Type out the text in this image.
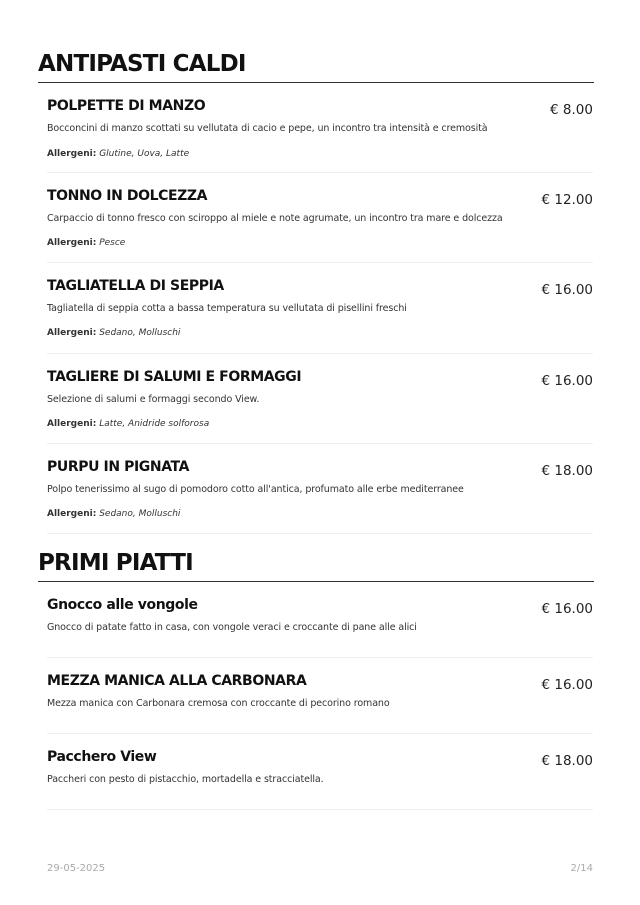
ANTIPASTI CALDI
POLPETTE DI MANZO	€ 8.00
Bocconcini di manzo scottati su vellutata di cacio e pepe, un incontro tra intensità e cremosità
Allergeni: Glutine, Uova, Latte
TONNO IN DOLCEZZA	€ 12.00
Carpaccio di tonno fresco con sciroppo al miele e note agrumate, un incontro tra mare e dolcezza
Allergeni: Pesce
TAGLIATELLA DI SEPPIA	€ 16.00
Tagliatella di seppia cotta a bassa temperatura su vellutata di pisellini freschi
Allergeni: Sedano, Molluschi
TAGLIERE DI SALUMI E FORMAGGI	€ 16.00
Selezione di salumi e formaggi secondo View.
Allergeni: Latte, Anidride solforosa
PURPU IN PIGNATA	€ 18.00
Polpo tenerissimo al sugo di pomodoro cotto all'antica, profumato alle erbe mediterranee
Allergeni: Sedano, Molluschi
PRIMI PIATTI
Gnocco alle vongole	€ 16.00
Gnocco di patate fatto in casa, con vongole veraci e croccante di pane alle alici
MEZZA MANICA ALLA CARBONARA	€ 16.00
Mezza manica con Carbonara cremosa con croccante di pecorino romano
Pacchero View	€ 18.00
Paccheri con pesto di pistacchio, mortadella e stracciatella.
29-05-2025	2/14
